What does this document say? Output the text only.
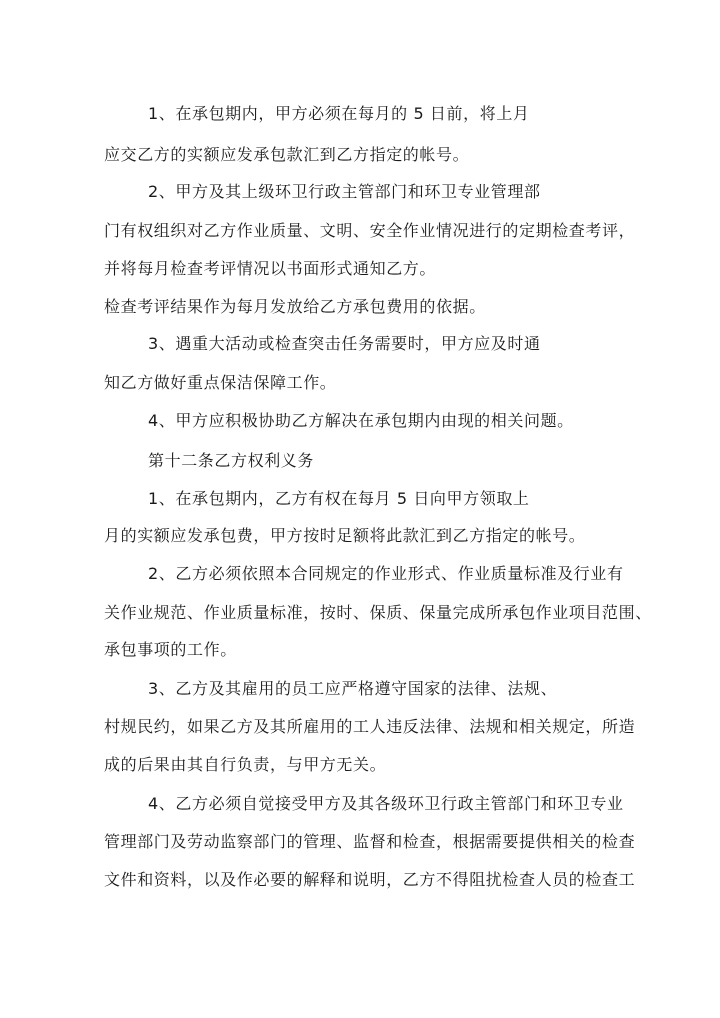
1、在承包期内，甲方必须在每月的 5 日前，将上月
应交乙方的实额应发承包款汇到乙方指定的帐号。
2、甲方及其上级环卫行政主管部门和环卫专业管理部
门有权组织对乙方作业质量、文明、安全作业情况进行的定期检查考评，
并将每月检查考评情况以书面形式通知乙方。
检查考评结果作为每月发放给乙方承包费用的依据。
3、遇重大活动或检查突击任务需要时，甲方应及时通
知乙方做好重点保洁保障工作。
4、甲方应积极协助乙方解决在承包期内由现的相关问题。
第十二条乙方权利义务
1、在承包期内，乙方有权在每月 5 日向甲方领取上
月的实额应发承包费，甲方按时足额将此款汇到乙方指定的帐号。
2、乙方必须依照本合同规定的作业形式、作业质量标准及行业有
关作业规范、作业质量标准，按时、保质、保量完成所承包作业项目范围、
承包事项的工作。
3、乙方及其雇用的员工应严格遵守国家的法律、法规、
村规民约，如果乙方及其所雇用的工人违反法律、法规和相关规定，所造
成的后果由其自行负责，与甲方无关。
4、乙方必须自觉接受甲方及其各级环卫行政主管部门和环卫专业
管理部门及劳动监察部门的管理、监督和检查，根据需要提供相关的检查
文件和资料，以及作必要的解释和说明，乙方不得阻扰检查人员的检查工
